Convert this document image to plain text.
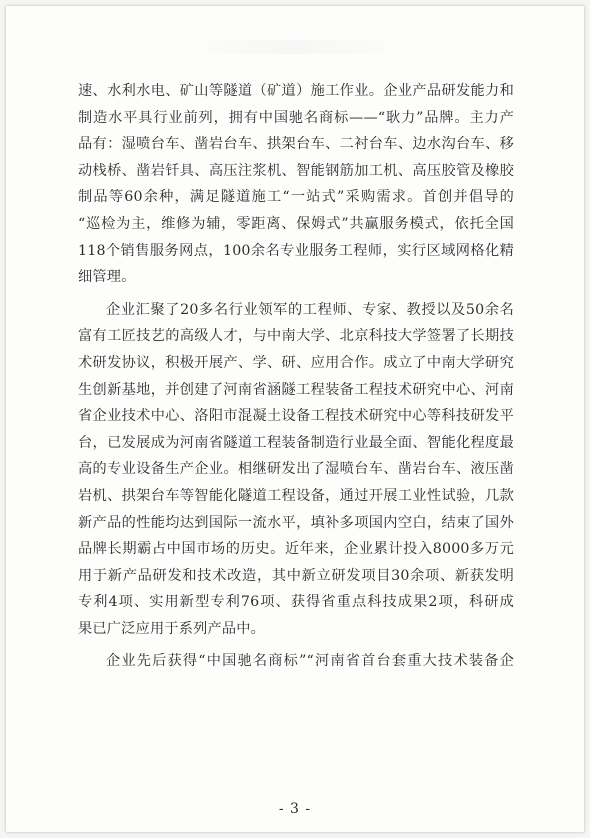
速、水利水电、矿山等隧道（矿道）施工作业。企业产品研发能力和
制造水平具行业前列，拥有中国驰名商标——“耿力”品牌。主力产
品有：湿喷台车、凿岩台车、拱架台车、二衬台车、边水沟台车、移
动栈桥、凿岩钎具、高压注浆机、智能钢筋加工机、高压胶管及橡胶
制品等60余种，满足隧道施工“一站式”采购需求。首创并倡导的
“巡检为主，维修为辅，零距离、保姆式”共赢服务模式，依托全国
118个销售服务网点，100余名专业服务工程师，实行区域网格化精
细管理。
企业汇聚了20多名行业领军的工程师、专家、教授以及50余名
富有工匠技艺的高级人才，与中南大学、北京科技大学签署了长期技
术研发协议，积极开展产、学、研、应用合作。成立了中南大学研究
生创新基地，并创建了河南省涵隧工程装备工程技术研究中心、河南
省企业技术中心、洛阳市混凝土设备工程技术研究中心等科技研发平
台，已发展成为河南省隧道工程装备制造行业最全面、智能化程度最
高的专业设备生产企业。相继研发出了湿喷台车、凿岩台车、液压凿
岩机、拱架台车等智能化隧道工程设备，通过开展工业性试验，几款
新产品的性能均达到国际一流水平，填补多项国内空白，结束了国外
品牌长期霸占中国市场的历史。近年来，企业累计投入8000多万元
用于新产品研发和技术改造，其中新立研发项目30余项、新获发明
专利4项、实用新型专利76项、获得省重点科技成果2项，科研成
果已广泛应用于系列产品中。
企业先后获得“中国驰名商标”“河南省首台套重大技术装备企
- 3 -
